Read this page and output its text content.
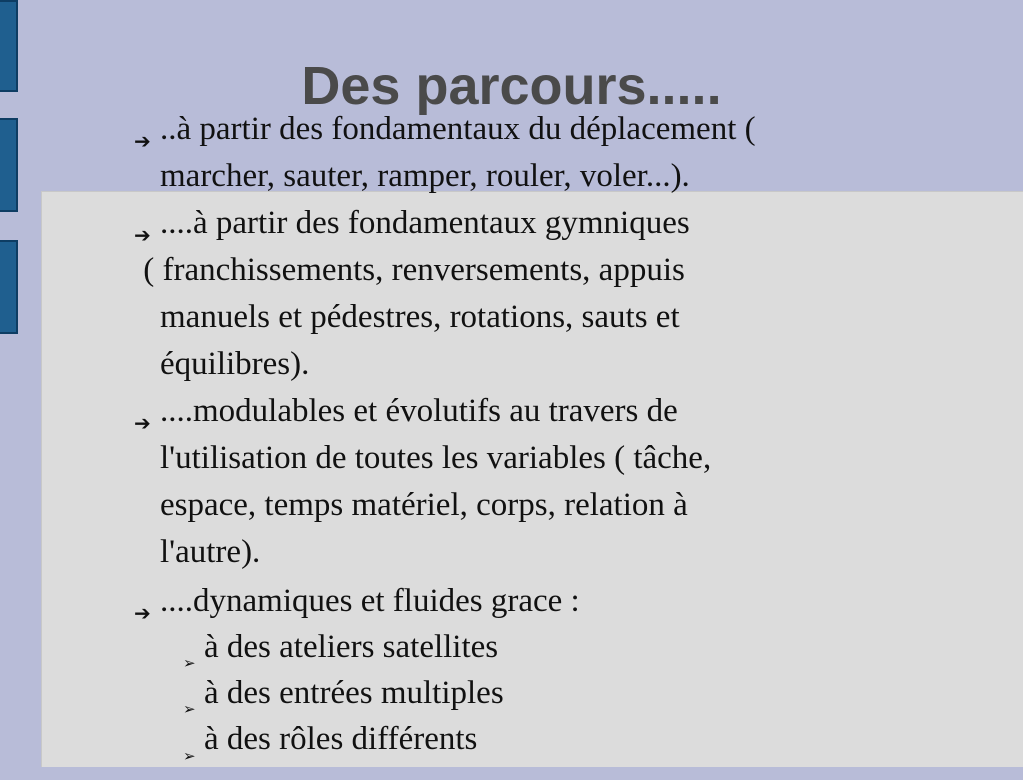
Des parcours.....
➔ ..à partir des fondamentaux du déplacement (
marcher, sauter, ramper, rouler, voler...).
➔ ....à partir des fondamentaux gymniques
( franchissements, renversements, appuis
manuels et pédestres, rotations, sauts et
équilibres).
➔ ....modulables et évolutifs au travers de
l'utilisation de toutes les variables ( tâche,
espace, temps matériel, corps, relation à
l'autre).
➔ ....dynamiques et fluides grace :
➢ à des ateliers satellites
➢ à des entrées multiples
➢ à des rôles différents
